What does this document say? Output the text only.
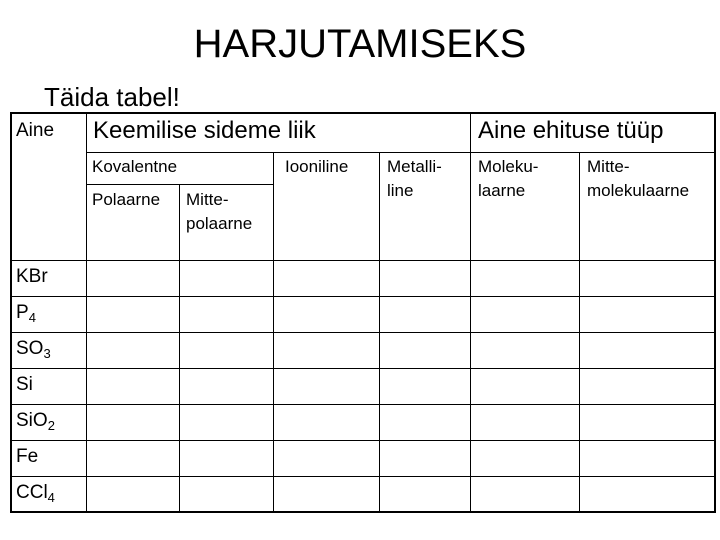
HARJUTAMISEKS
Täida tabel!
Aine Keemilise sideme liik	Aine ehituse tüüp
Kovalentne
Polaarne Mitte-
polaarne
Iooniline Metalli-
line
Moleku-
laarne
Mitte-
molekulaarne
KBr
$P_4$
$SO_3$
Si
SiO$_2$
Fe
CCl$_4$
